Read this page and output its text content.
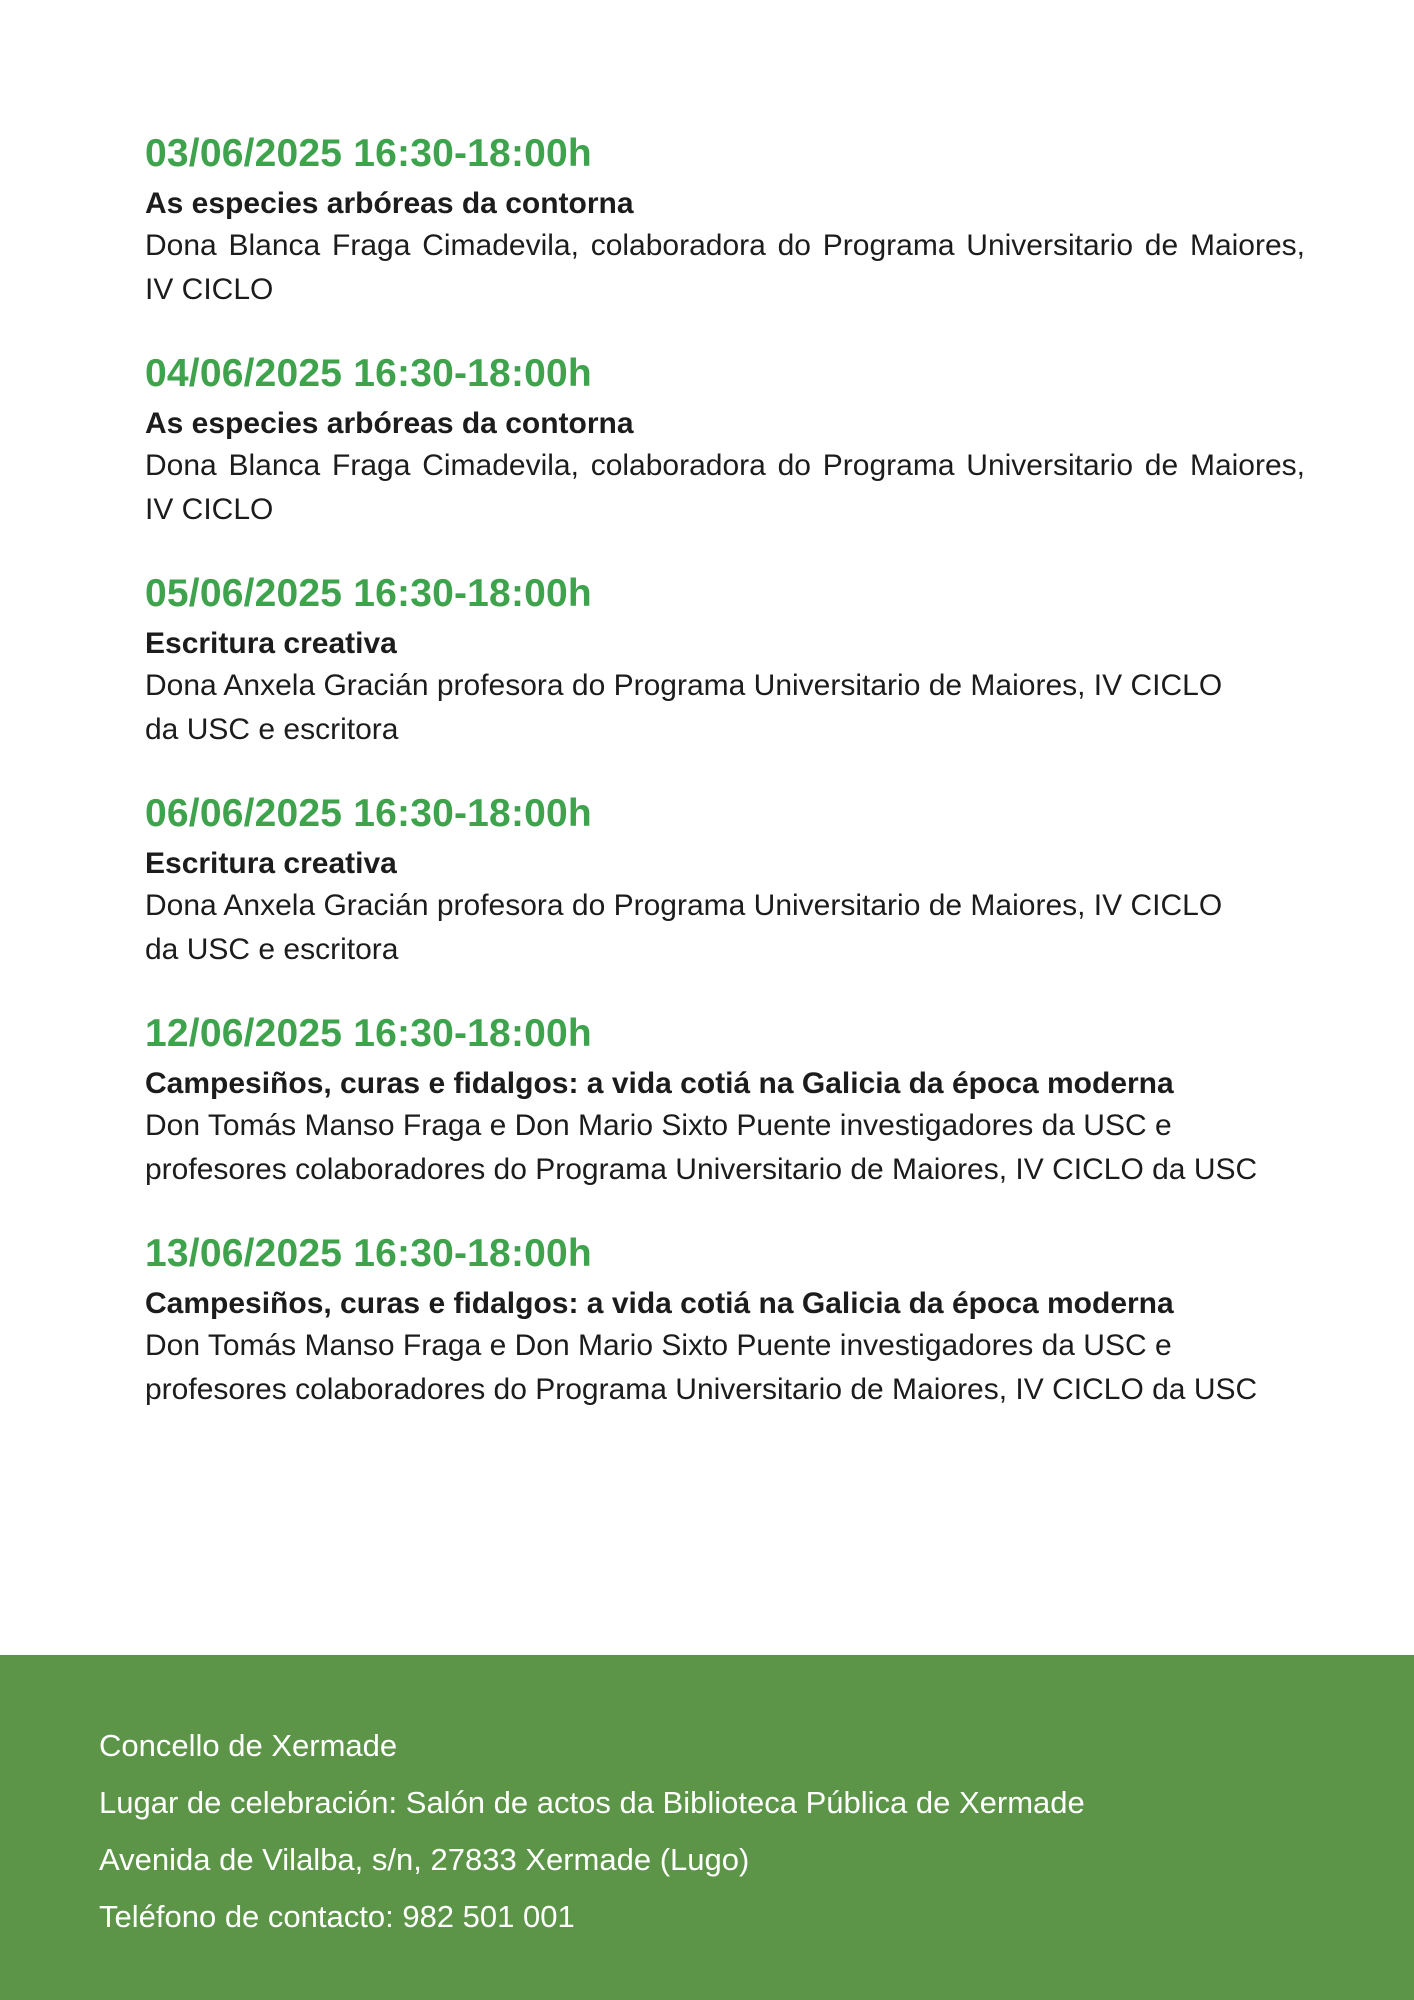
03/06/2025 16:30-18:00h

As especies arbóreas da contorna

Dona Blanca Fraga Cimadevila, colaboradora do Programa Universitario de Maiores, IV CICLO

04/06/2025 16:30-18:00h

As especies arbóreas da contorna

Dona Blanca Fraga Cimadevila, colaboradora do Programa Universitario de Maiores, IV CICLO

05/06/2025 16:30-18:00h

Escritura creativa

Dona Anxela Gracián profesora do Programa Universitario de Maiores, IV CICLO da USC e escritora

06/06/2025 16:30-18:00h

Escritura creativa

Dona Anxela Gracián profesora do Programa Universitario de Maiores, IV CICLO da USC e escritora

12/06/2025 16:30-18:00h

Campesiños, curas e fidalgos: a vida cotiá na Galicia da época moderna

Don Tomás Manso Fraga e Don Mario Sixto Puente investigadores da USC e profesores colaboradores do Programa Universitario de Maiores, IV CICLO da USC

13/06/2025 16:30-18:00h

Campesiños, curas e fidalgos: a vida cotiá na Galicia da época moderna

Don Tomás Manso Fraga e Don Mario Sixto Puente investigadores da USC e profesores colaboradores do Programa Universitario de Maiores, IV CICLO da USC

Concello de Xermade

Lugar de celebración: Salón de actos da Biblioteca Pública de Xermade

Avenida de Vilalba, s/n, 27833 Xermade (Lugo)

Teléfono de contacto: 982 501 001
